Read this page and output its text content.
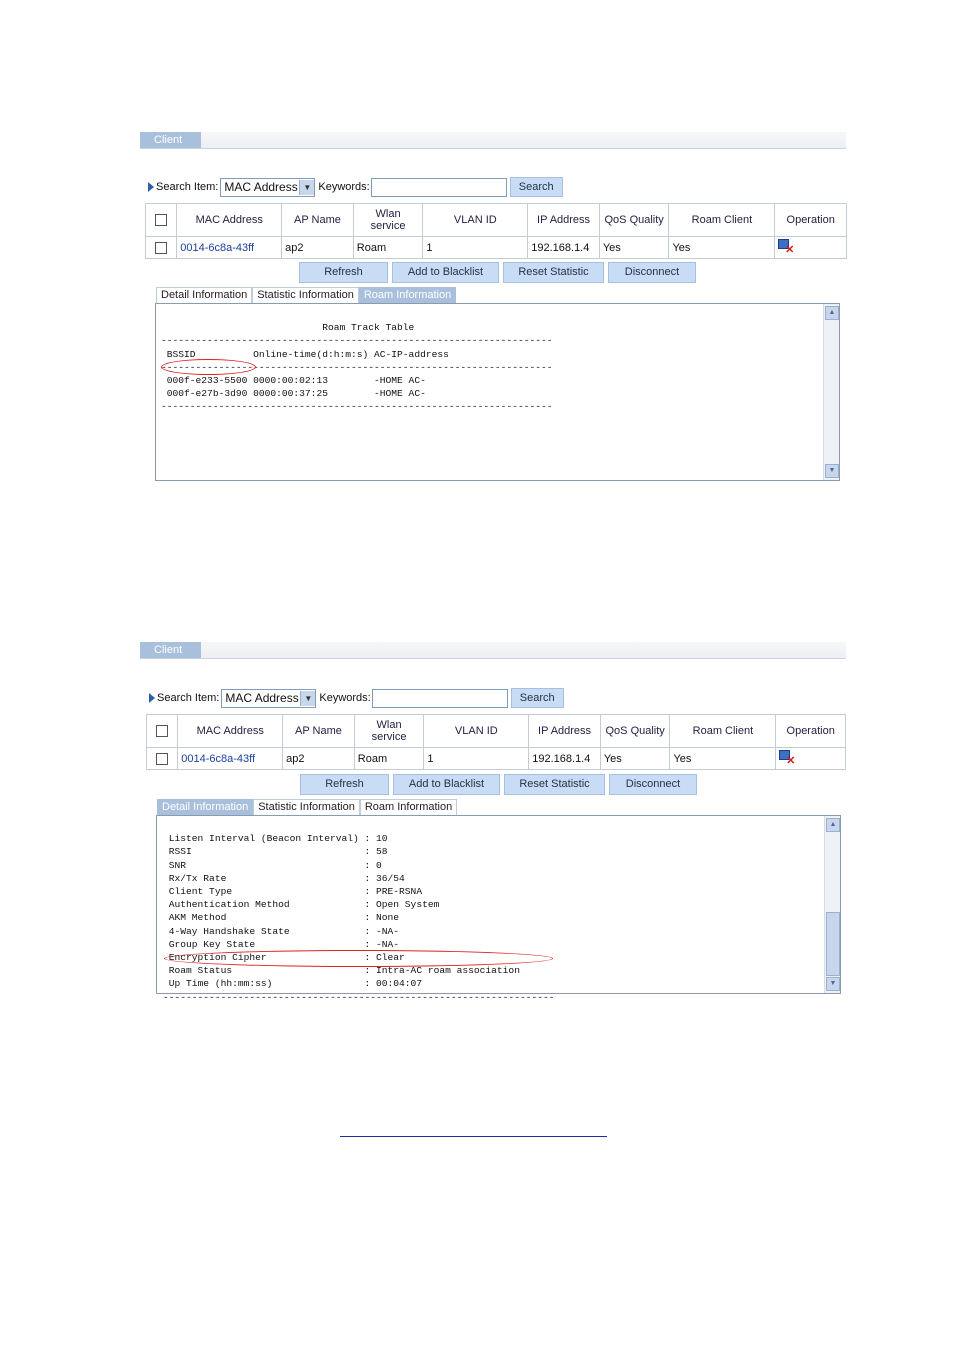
Client
Search Item: MAC Address ▼ Keywords:	Search
	MAC Address	AP Name	Wlan service	VLAN ID	IP Address	QoS Quality	Roam Client	Operation
	0014-6c8a-43ff	ap2	Roam	1	192.168.1.4	Yes	Yes	✕
Refresh	Add to Blacklist	Reset Statistic	Disconnect
Detail Information Statistic Information Roam Information

Roam Track Table
--------------------------------------------------------------------
BSSID          Online-time(d:h:m:s) AC-IP-address
--------------------------------------------------------------------
000f-e233-5500 0000:00:02:13        -HOME AC-
000f-e27b-3d90 0000:00:37:25        -HOME AC-
--------------------------------------------------------------------

▲
▼
Client
Search Item: MAC Address ▼ Keywords:	Search
	MAC Address	AP Name	Wlan service	VLAN ID	IP Address	QoS Quality	Roam Client	Operation
	0014-6c8a-43ff	ap2	Roam	1	192.168.1.4	Yes	Yes	✕
Refresh	Add to Blacklist	Reset Statistic	Disconnect
Detail Information Statistic Information Roam Information

Listen Interval (Beacon Interval) : 10
RSSI                              : 58
SNR                               : 0
Rx/Tx Rate                        : 36/54
Client Type                       : PRE-RSNA
Authentication Method             : Open System
AKM Method                        : None
4-Way Handshake State             : -NA-
Group Key State                   : -NA-
Encryption Cipher                 : Clear
Roam Status                       : Intra-AC roam association
Up Time (hh:mm:ss)                : 00:04:07
--------------------------------------------------------------------

▲
▼
